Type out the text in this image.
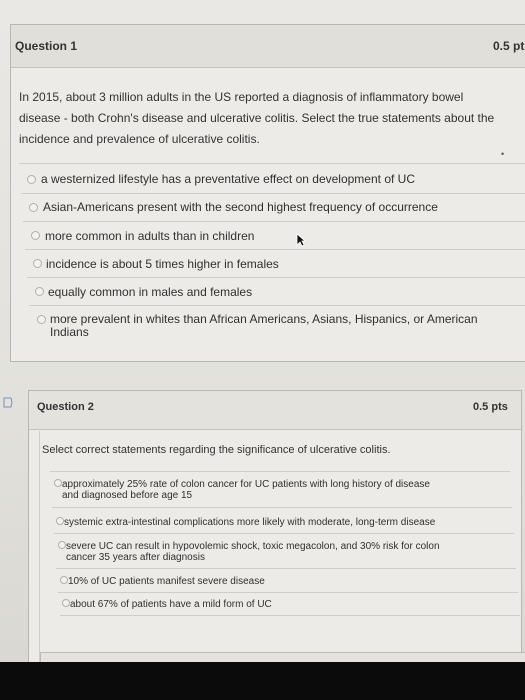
Question 1	0.5 pt
In 2015, about 3 million adults in the US reported a diagnosis of inflammatory bowel
disease - both Crohn's disease and ulcerative colitis. Select the true statements about the
incidence and prevalence of ulcerative colitis.
•
a westernized lifestyle has a preventative effect on development of UC
Asian-Americans present with the second highest frequency of occurrence
more common in adults than in children
incidence is about 5 times higher in females
equally common in males and females
more prevalent in whites than African Americans, Asians, Hispanics, or American
Indians
Question 2	0.5 pts
Select correct statements regarding the significance of ulcerative colitis.
approximately 25% rate of colon cancer for UC patients with long history of disease
and diagnosed before age 15
systemic extra-intestinal complications more likely with moderate, long-term disease
severe UC can result in hypovolemic shock, toxic megacolon, and 30% risk for colon
cancer 35 years after diagnosis
10% of UC patients manifest severe disease
about 67% of patients have a mild form of UC
